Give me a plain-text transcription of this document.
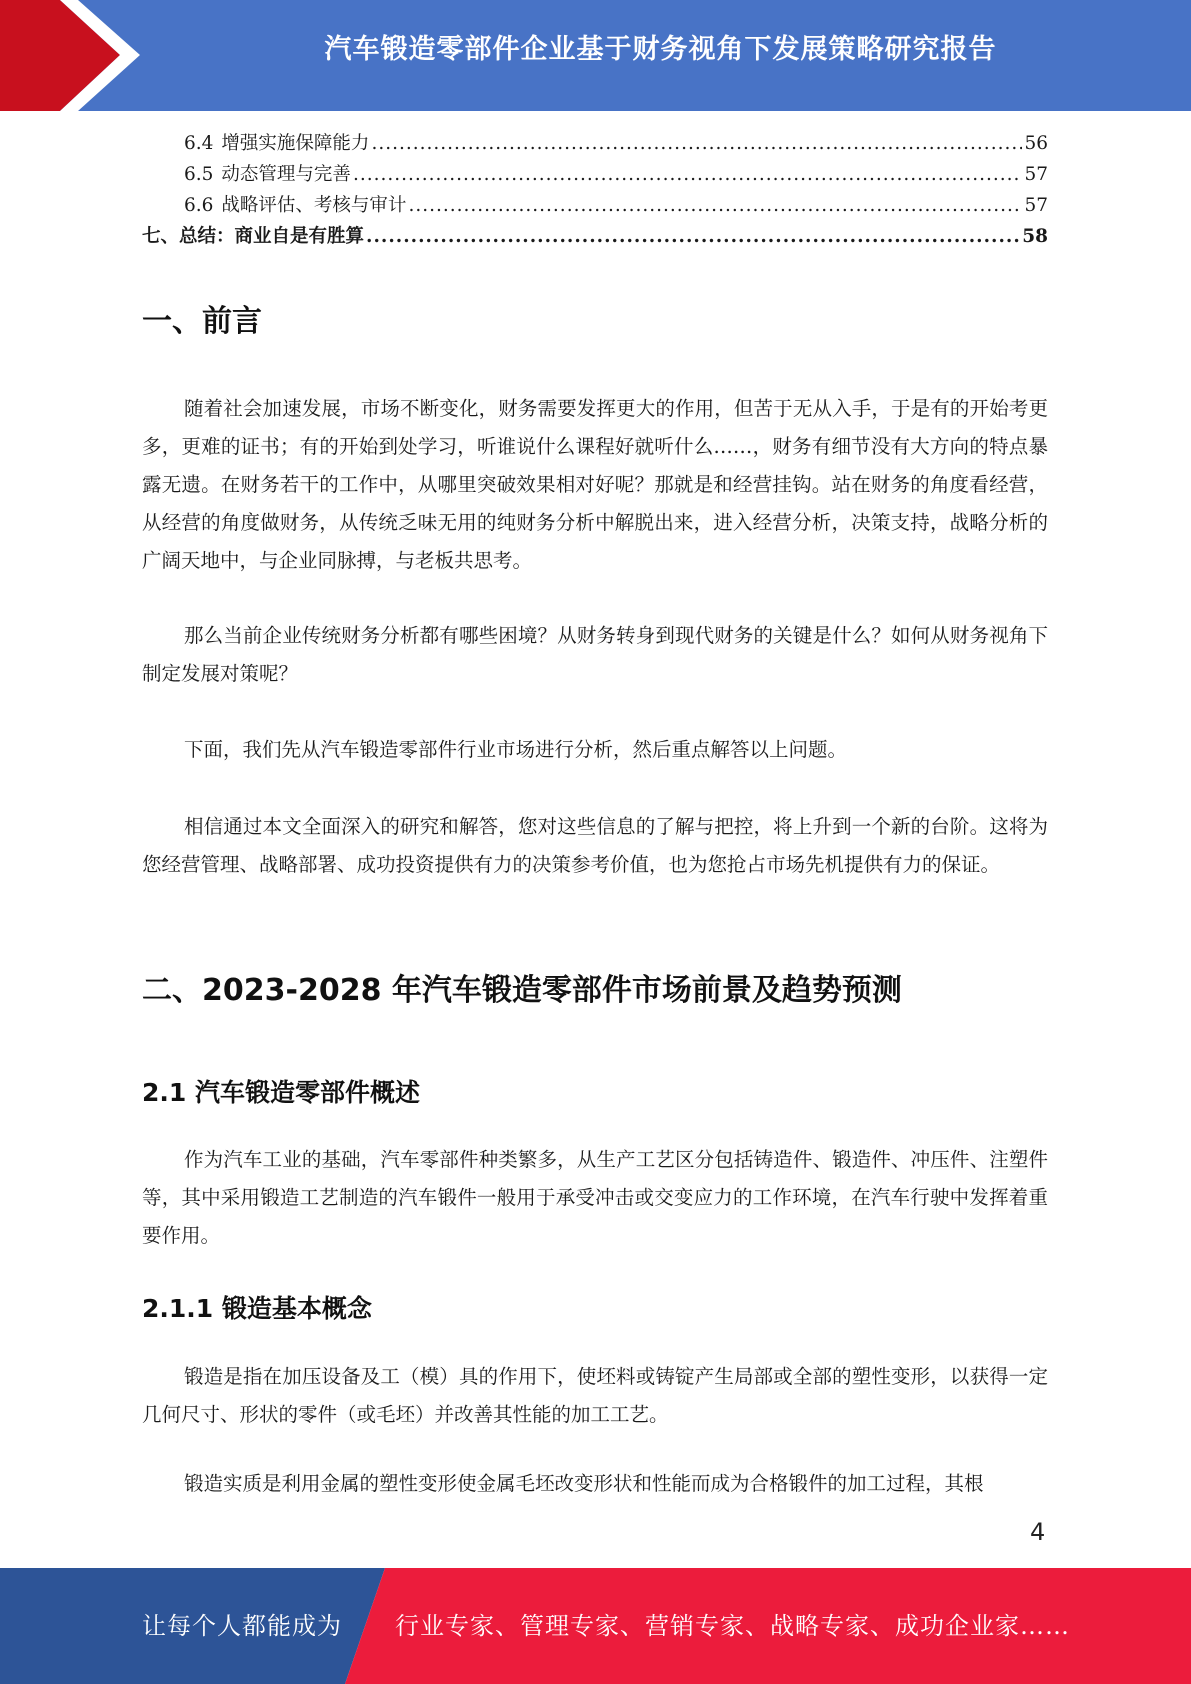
汽车锻造零部件企业基于财务视角下发展策略研究报告
6.4 增强实施保障能力 .....	56
6.5 动态管理与完善 .....	57
6.6 战略评估、考核与审计 .....	57
七、总结：商业自是有胜算 .....	58
一、前言
随着社会加速发展，市场不断变化，财务需要发挥更大的作用，但苦于无从入手，于是有的开始考更多，更难的证书；有的开始到处学习，听谁说什么课程好就听什么……，财务有细节没有大方向的特点暴露无遗。在财务若干的工作中，从哪里突破效果相对好呢？那就是和经营挂钩。站在财务的角度看经营，从经营的角度做财务，从传统乏味无用的纯财务分析中解脱出来，进入经营分析，决策支持，战略分析的广阔天地中，与企业同脉搏，与老板共思考。
那么当前企业传统财务分析都有哪些困境？从财务转身到现代财务的关键是什么？如何从财务视角下制定发展对策呢？
下面，我们先从汽车锻造零部件行业市场进行分析，然后重点解答以上问题。
相信通过本文全面深入的研究和解答，您对这些信息的了解与把控，将上升到一个新的台阶。这将为您经营管理、战略部署、成功投资提供有力的决策参考价值，也为您抢占市场先机提供有力的保证。
二、2023-2028 年汽车锻造零部件市场前景及趋势预测
2.1 汽车锻造零部件概述
作为汽车工业的基础，汽车零部件种类繁多，从生产工艺区分包括铸造件、锻造件、冲压件、注塑件等，其中采用锻造工艺制造的汽车锻件一般用于承受冲击或交变应力的工作环境，在汽车行驶中发挥着重要作用。
2.1.1 锻造基本概念
锻造是指在加压设备及工（模）具的作用下，使坯料或铸锭产生局部或全部的塑性变形，以获得一定几何尺寸、形状的零件（或毛坯）并改善其性能的加工工艺。
锻造实质是利用金属的塑性变形使金属毛坯改变形状和性能而成为合格锻件的加工过程，其根
4
让每个人都能成为 行业专家、管理专家、营销专家、战略专家、成功企业家……
